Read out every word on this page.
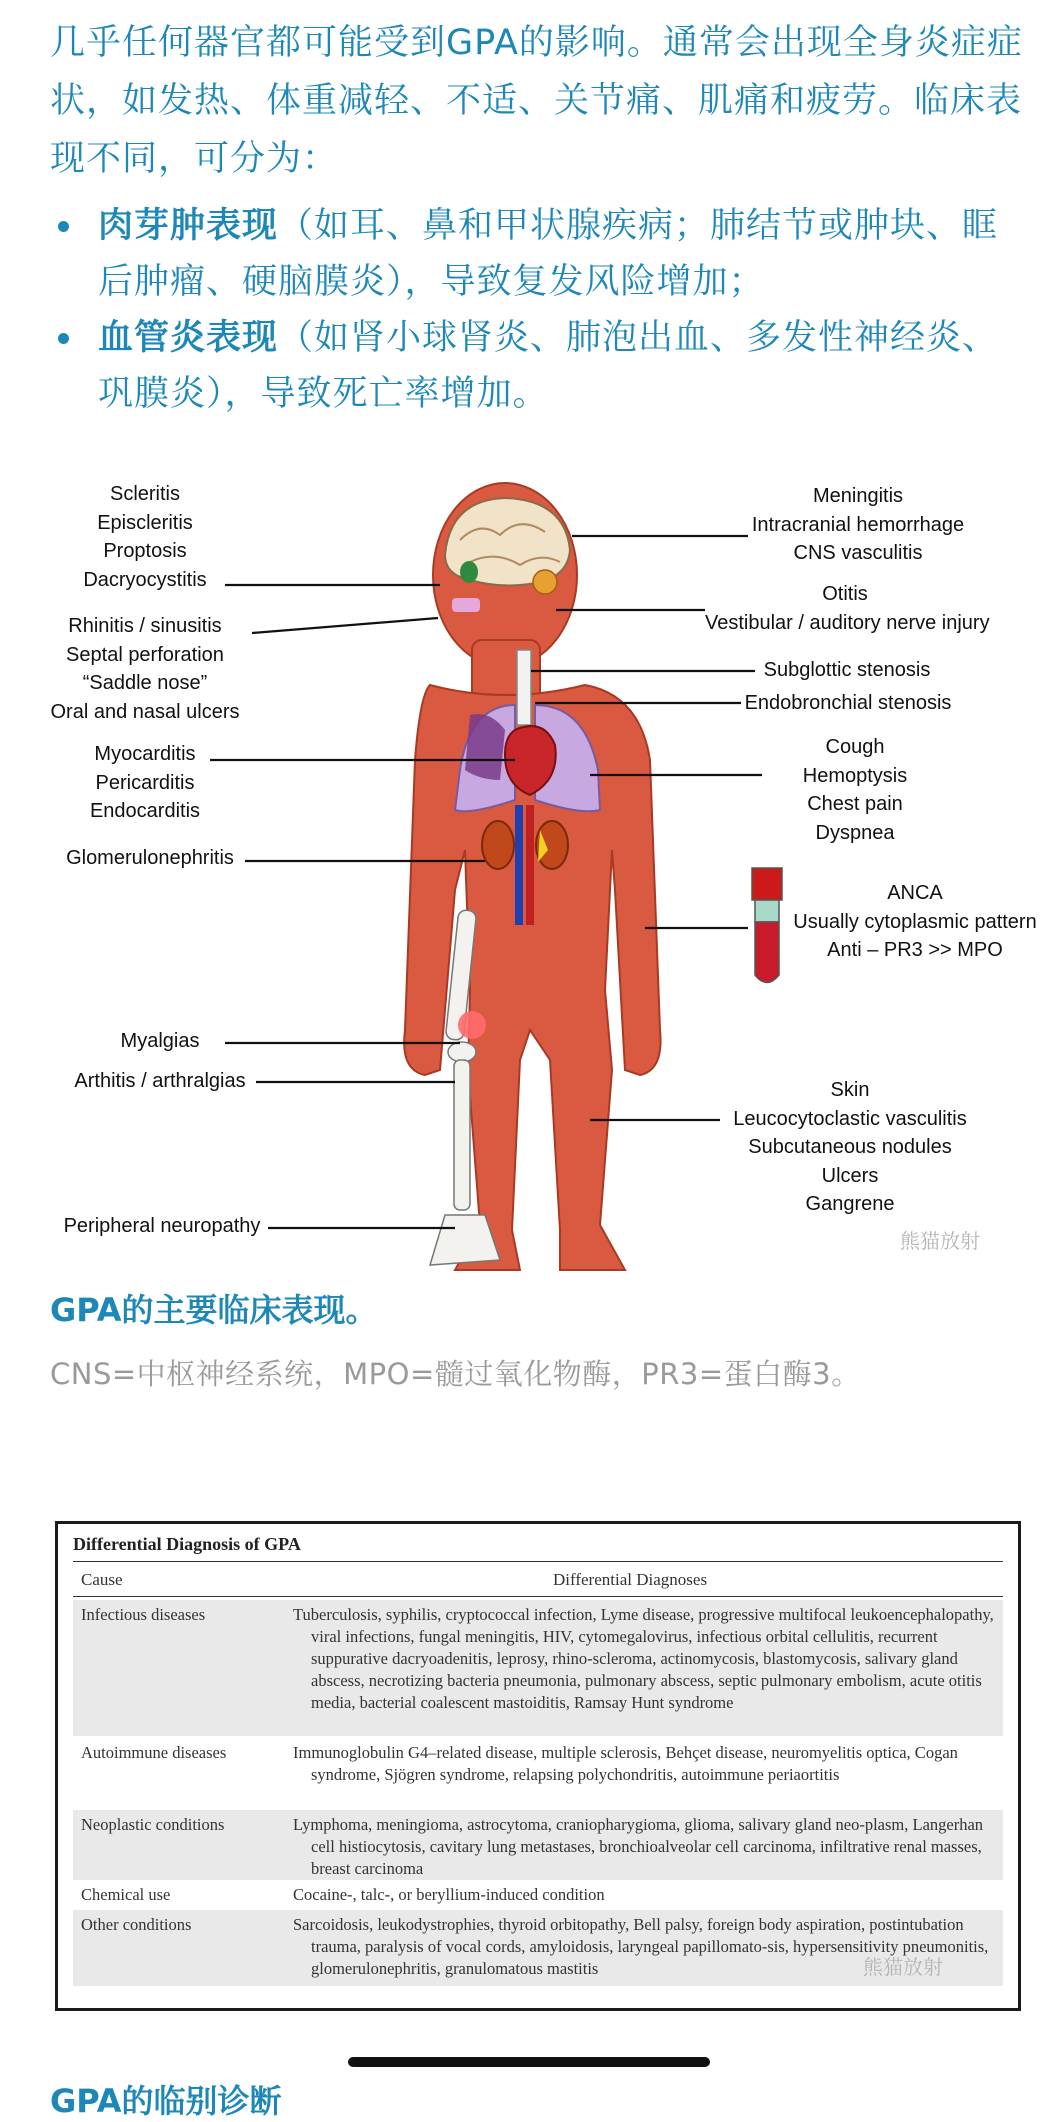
几乎任何器官都可能受到GPA的影响。通常会出现全身炎症症状，如发热、体重减轻、不适、关节痛、肌痛和疲劳。临床表现不同，可分为：
肉芽肿表现（如耳、鼻和甲状腺疾病；肺结节或肿块、眶后肿瘤、硬脑膜炎），导致复发风险增加；
血管炎表现（如肾小球肾炎、肺泡出血、多发性神经炎、巩膜炎），导致死亡率增加。
Scleritis
Episcleritis
Proptosis
Dacryocystitis
Rhinitis / sinusitis
Septal perforation
“Saddle nose”
Oral and nasal ulcers
Myocarditis
Pericarditis
Endocarditis
Glomerulonephritis
Myalgias
Arthitis / arthralgias
Peripheral neuropathy
Meningitis
Intracranial hemorrhage
CNS vasculitis
Otitis
Vestibular / auditory nerve injury
Subglottic stenosis
Endobronchial stenosis
Cough
Hemoptysis
Chest pain
Dyspnea
ANCA
Usually cytoplasmic pattern
Anti – PR3 >> MPO
Skin
Leucocytoclastic vasculitis
Subcutaneous nodules
Ulcers
Gangrene
熊猫放射
GPA的主要临床表现。
CNS=中枢神经系统，MPO=髓过氧化物酶，PR3=蛋白酶3。
Differential Diagnosis of GPA
Cause	Differential Diagnoses
Infectious diseases	Tuberculosis, syphilis, cryptococcal infection, Lyme disease, progressive multifocal leukoencephalopathy, viral infections, fungal meningitis, HIV, cytomegalovirus, infectious orbital cellulitis, recurrent suppurative dacryoadenitis, leprosy, rhino-scleroma, actinomycosis, blastomycosis, salivary gland abscess, necrotizing bacteria pneumonia, pulmonary abscess, septic pulmonary embolism, acute otitis media, bacterial coalescent mastoiditis, Ramsay Hunt syndrome
Autoimmune diseases	Immunoglobulin G4–related disease, multiple sclerosis, Behçet disease, neuromyelitis optica, Cogan syndrome, Sjögren syndrome, relapsing polychondritis, autoimmune periaortitis
Neoplastic conditions	Lymphoma, meningioma, astrocytoma, craniopharygioma, glioma, salivary gland neo-plasm, Langerhan cell histiocytosis, cavitary lung metastases, bronchioalveolar cell carcinoma, infiltrative renal masses, breast carcinoma
Chemical use	Cocaine-, talc-, or beryllium-induced condition
Other conditions	Sarcoidosis, leukodystrophies, thyroid orbitopathy, Bell palsy, foreign body aspiration, postintubation trauma, paralysis of vocal cords, amyloidosis, laryngeal papillomato-sis, hypersensitivity pneumonitis, glomerulonephritis, granulomatous mastitis	熊猫放射
GPA的临别诊断
